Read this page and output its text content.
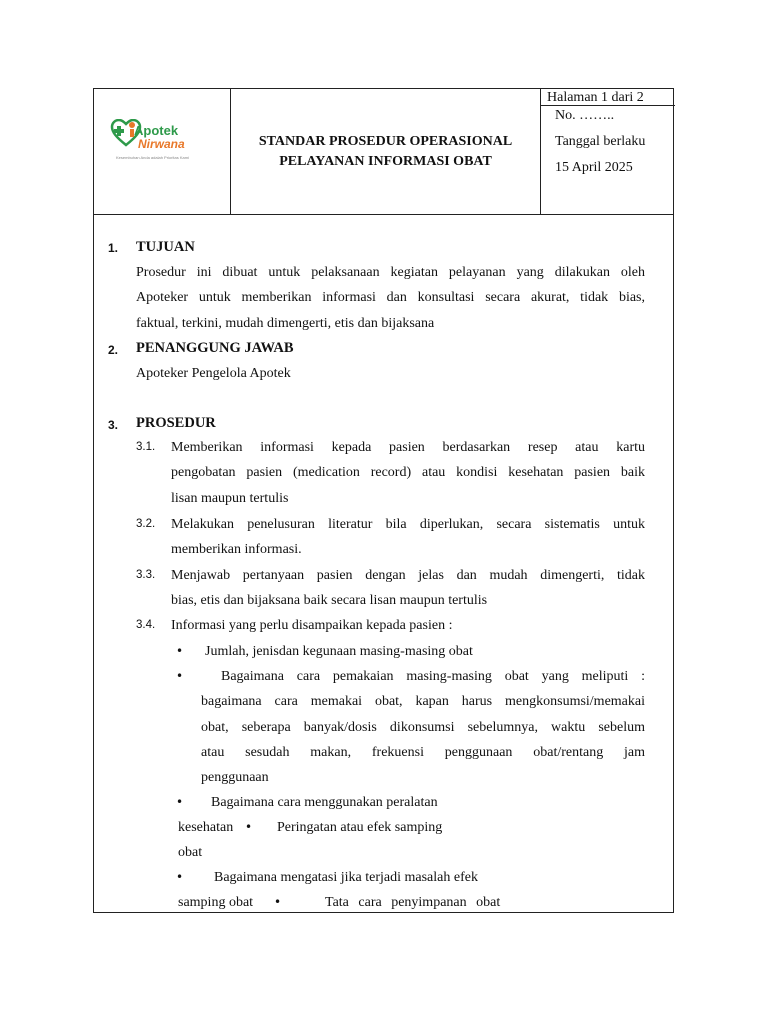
Apotek
Nirwana
Kesembuhan Anda adalah Prioritas Kami
STANDAR PROSEDUR OPERASIONAL
PELAYANAN INFORMASI OBAT
Halaman 1 dari 2
No. ……..
Tanggal berlaku
15 April 2025
1. TUJUAN
Prosedur ini dibuat untuk pelaksanaan kegiatan pelayanan yang dilakukan oleh
Apoteker untuk memberikan informasi dan konsultasi secara akurat, tidak bias,
faktual, terkini, mudah dimengerti, etis dan bijaksana
2. PENANGGUNG JAWAB
Apoteker Pengelola Apotek
3. PROSEDUR
3.1. Memberikan informasi kepada pasien berdasarkan resep atau kartu
pengobatan pasien (medication record) atau kondisi kesehatan pasien baik
lisan maupun tertulis
3.2. Melakukan penelusuran literatur bila diperlukan, secara sistematis untuk
memberikan informasi.
3.3. Menjawab pertanyaan pasien dengan jelas dan mudah dimengerti, tidak
bias, etis dan bijaksana baik secara lisan maupun tertulis
3.4. Informasi yang perlu disampaikan kepada pasien :
• Jumlah, jenisdan kegunaan masing-masing obat
•	Bagaimana cara pemakaian masing-masing obat yang meliputi :
bagaimana cara memakai obat, kapan harus mengkonsumsi/memakai
obat, seberapa banyak/dosis dikonsumsi sebelumnya, waktu sebelum
atau sesudah makan, frekuensi penggunaan obat/rentang jam
penggunaan
• Bagaimana cara menggunakan peralatan
kesehatan • Peringatan atau efek samping
obat
• Bagaimana mengatasi jika terjadi masalah efek
samping obat •	Tata cara penyimpanan obat
